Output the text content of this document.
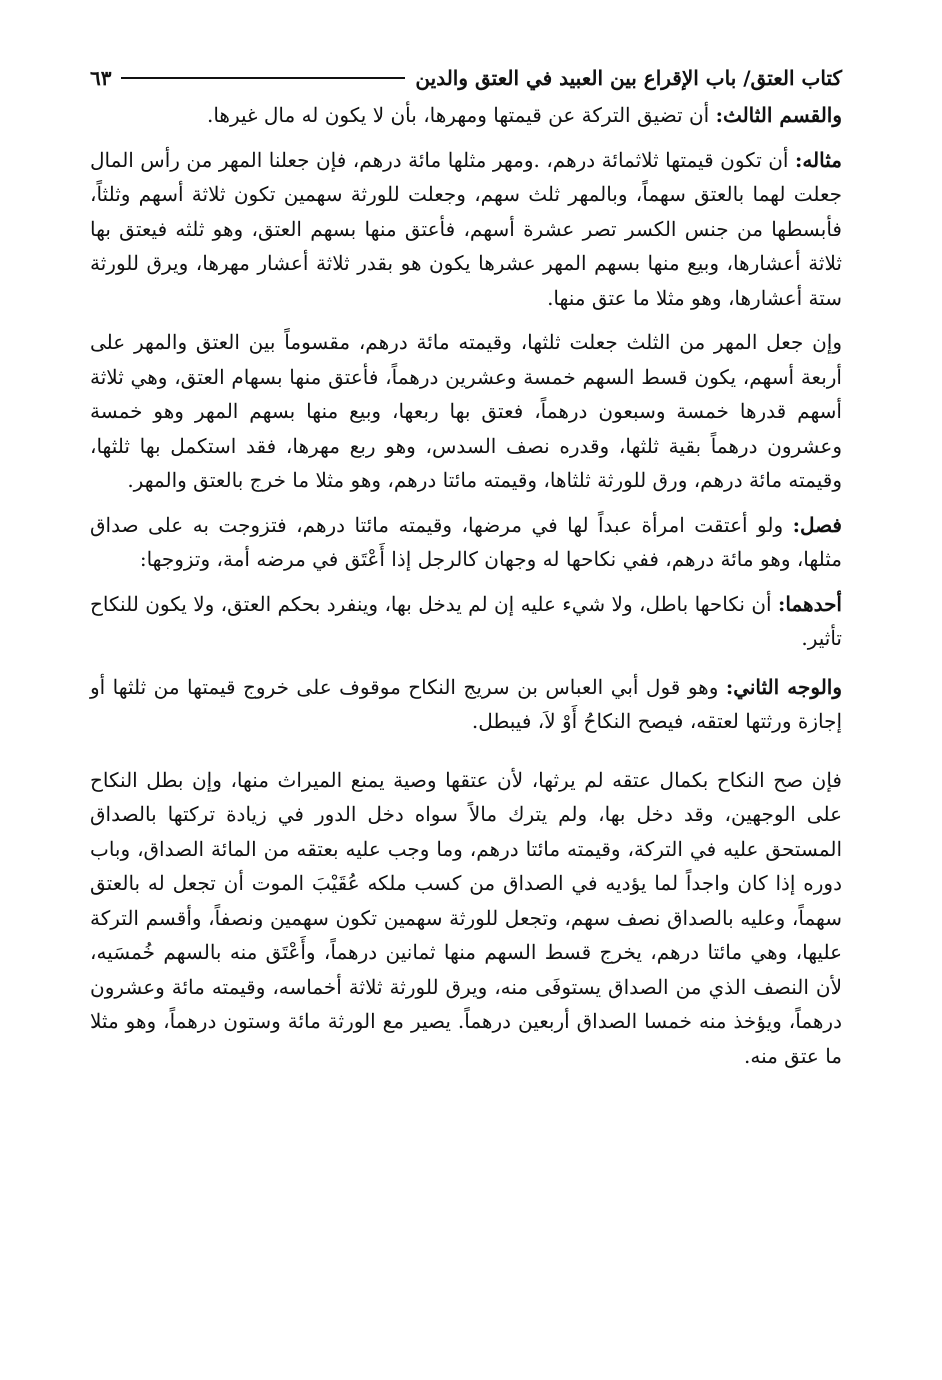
كتاب العتق/ باب الإقراع بين العبيد في العتق والدين
٦٣

والقسم الثالث: أن تضيق التركة عن قيمتها ومهرها، بأن لا يكون له مال غيرها.

مثاله: أن تكون قيمتها ثلاثمائة درهم، .ومهر مثلها مائة درهم، فإن جعلنا المهر من رأس المال جعلت لهما بالعتق سهماً، وبالمهر ثلث سهم، وجعلت للورثة سهمين تكون ثلاثة أسهم وثلثاً، فأبسطها من جنس الكسر تصر عشرة أسهم، فأعتق منها بسهم العتق، وهو ثلثه فيعتق بها ثلاثة أعشارها، وبيع منها بسهم المهر عشرها يكون هو بقدر ثلاثة أعشار مهرها، ويرق للورثة ستة أعشارها، وهو مثلا ما عتق منها.

وإن جعل المهر من الثلث جعلت ثلثها، وقيمته مائة درهم، مقسوماً بين العتق والمهر على أربعة أسهم، يكون قسط السهم خمسة وعشرين درهماً، فأعتق منها بسهام العتق، وهي ثلاثة أسهم قدرها خمسة وسبعون درهماً، فعتق بها ربعها، وبيع منها بسهم المهر وهو خمسة وعشرون درهماً بقية ثلثها، وقدره نصف السدس، وهو ربع مهرها، فقد استكمل بها ثلثها، وقيمته مائة درهم، ورق للورثة ثلثاها، وقيمته مائتا درهم، وهو مثلا ما خرج بالعتق والمهر.

فصل: ولو أعتقت امرأة عبداً لها في مرضها، وقيمته مائتا درهم، فتزوجت به على صداق مثلها، وهو مائة درهم، ففي نكاحها له وجهان كالرجل إذا أَعْتَق في مرضه أمة، وتزوجها:

أحدهما: أن نكاحها باطل، ولا شيء عليه إن لم يدخل بها، وينفرد بحكم العتق، ولا يكون للنكاح تأثير.

والوجه الثاني: وهو قول أبي العباس بن سريج النكاح موقوف على خروج قيمتها من ثلثها أو إجازة ورثتها لعتقه، فيصح النكاحُ أَوْ لاَ، فيبطل.

فإن صح النكاح بكمال عتقه لم يرثها، لأن عتقها وصية يمنع الميراث منها، وإن بطل النكاح على الوجهين، وقد دخل بها، ولم يترك مالاً سواه دخل الدور في زيادة تركتها بالصداق المستحق عليه في التركة، وقيمته مائتا درهم، وما وجب عليه بعتقه من المائة الصداق، وباب دوره إذا كان واجداً لما يؤديه في الصداق من كسب ملكه عُقَيْبَ الموت أن تجعل له بالعتق سهماً، وعليه بالصداق نصف سهم، وتجعل للورثة سهمين تكون سهمين ونصفاً، وأقسم التركة عليها، وهي مائتا درهم، يخرج قسط السهم منها ثمانين درهماً، وأَعْتَق منه بالسهم خُمسَيه، لأن النصف الذي من الصداق يستوفَى منه، ويرق للورثة ثلاثة أخماسه، وقيمته مائة وعشرون درهماً، ويؤخذ منه خمسا الصداق أربعين درهماً. يصير مع الورثة مائة وستون درهماً، وهو مثلا ما عتق منه.
